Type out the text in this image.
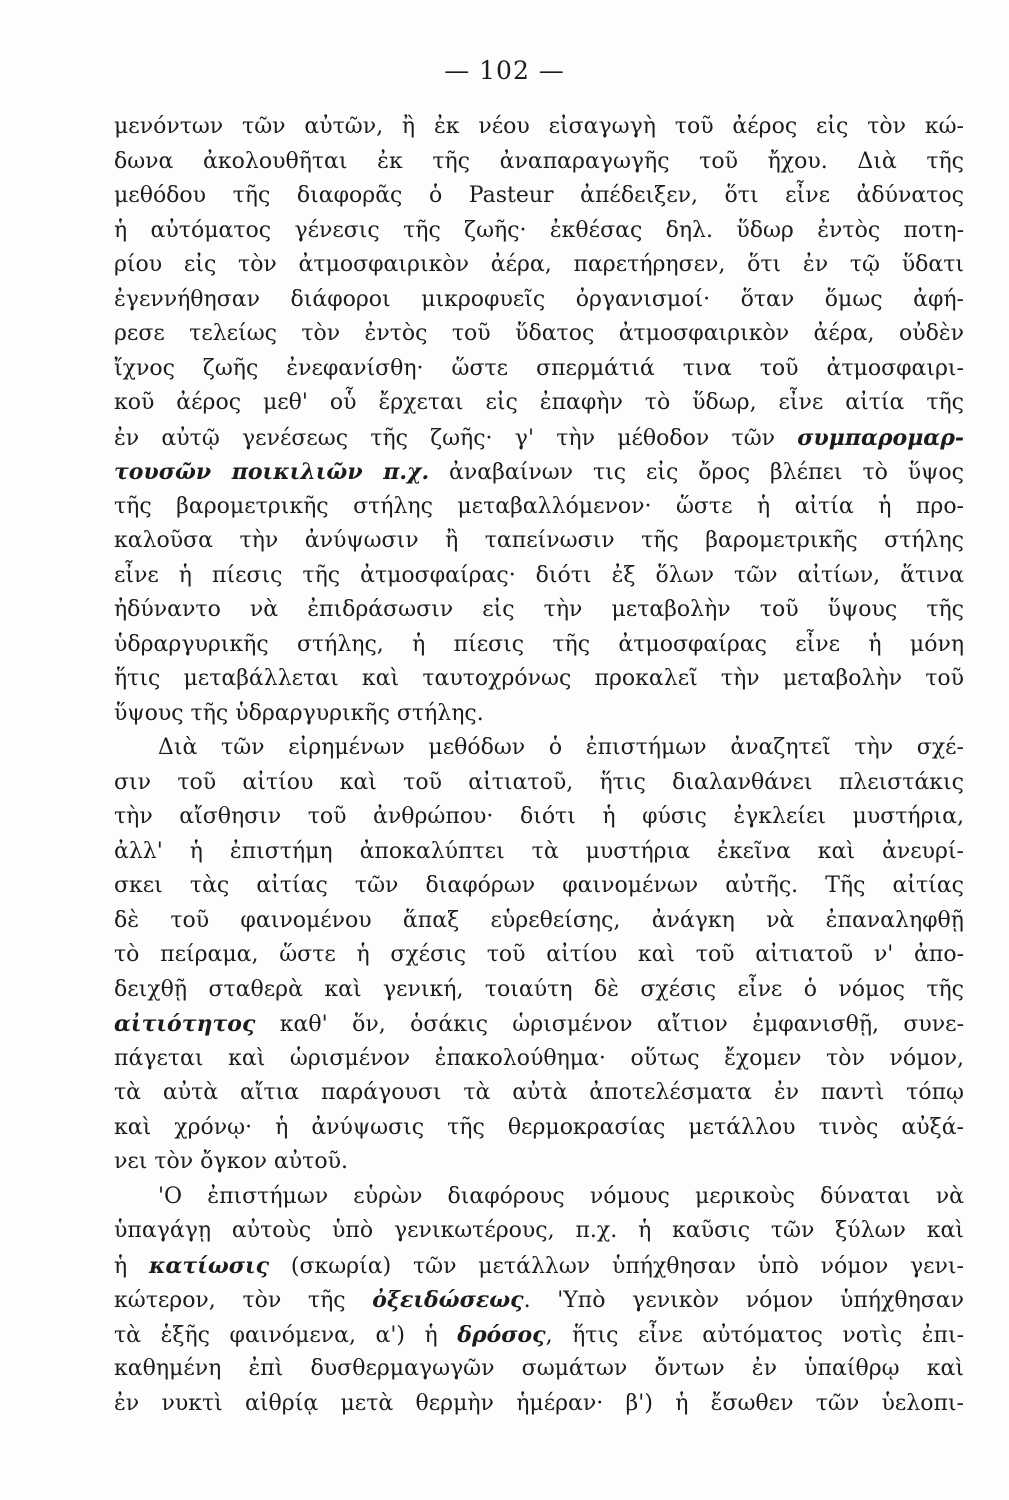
— 102 —
μενόντων τῶν αὐτῶν, ἢ ἐκ νέου εἰσαγωγὴ τοῦ ἀέρος εἰς τὸν κώ-
δωνα ἀκολουθῆται ἐκ τῆς ἀναπαραγωγῆς τοῦ ἤχου. Διὰ τῆς
μεθόδου τῆς διαφορᾶς ὁ Pasteur ἀπέδειξεν, ὅτι εἶνε ἀδύνατος
ἡ αὐτόματος γένεσις τῆς ζωῆς· ἐκθέσας δηλ. ὕδωρ ἐντὸς ποτη-
ρίου εἰς τὸν ἀτμοσφαιρικὸν ἀέρα, παρετήρησεν, ὅτι ἐν τῷ ὕδατι
ἐγεννήθησαν διάφοροι μικροφυεῖς ὀργανισμοί· ὅταν ὅμως ἀφή-
ρεσε τελείως τὸν ἐντὸς τοῦ ὕδατος ἀτμοσφαιρικὸν ἀέρα, οὐδὲν
ἴχνος ζωῆς ἐνεφανίσθη· ὥστε σπερμάτιά τινα τοῦ ἀτμοσφαιρι-
κοῦ ἀέρος μεθ' οὗ ἔρχεται εἰς ἐπαφὴν τὸ ὕδωρ, εἶνε αἰτία τῆς
ἐν αὐτῷ γενέσεως τῆς ζωῆς· γ' τὴν μέθοδον τῶν συμπαρομαρ-
τουσῶν ποικιλιῶν π.χ. ἀναβαίνων τις εἰς ὄρος βλέπει τὸ ὕψος
τῆς βαρομετρικῆς στήλης μεταβαλλόμενον· ὥστε ἡ αἰτία ἡ προ-
καλοῦσα τὴν ἀνύψωσιν ἢ ταπείνωσιν τῆς βαρομετρικῆς στήλης
εἶνε ἡ πίεσις τῆς ἀτμοσφαίρας· διότι ἐξ ὅλων τῶν αἰτίων, ἅτινα
ἠδύναντο νὰ ἐπιδράσωσιν εἰς τὴν μεταβολὴν τοῦ ὕψους τῆς
ὑδραργυρικῆς στήλης, ἡ πίεσις τῆς ἀτμοσφαίρας εἶνε ἡ μόνη
ἥτις μεταβάλλεται καὶ ταυτοχρόνως προκαλεῖ τὴν μεταβολὴν τοῦ
ὕψους τῆς ὑδραργυρικῆς στήλης.
Διὰ τῶν εἰρημένων μεθόδων ὁ ἐπιστήμων ἀναζητεῖ τὴν σχέ-
σιν τοῦ αἰτίου καὶ τοῦ αἰτιατοῦ, ἥτις διαλανθάνει πλειστάκις
τὴν αἴσθησιν τοῦ ἀνθρώπου· διότι ἡ φύσις ἐγκλείει μυστήρια,
ἀλλ' ἡ ἐπιστήμη ἀποκαλύπτει τὰ μυστήρια ἐκεῖνα καὶ ἀνευρί-
σκει τὰς αἰτίας τῶν διαφόρων φαινομένων αὐτῆς. Τῆς αἰτίας
δὲ τοῦ φαινομένου ἅπαξ εὑρεθείσης, ἀνάγκη νὰ ἐπαναληφθῇ
τὸ πείραμα, ὥστε ἡ σχέσις τοῦ αἰτίου καὶ τοῦ αἰτιατοῦ ν' ἀπο-
δειχθῇ σταθερὰ καὶ γενική, τοιαύτη δὲ σχέσις εἶνε ὁ νόμος τῆς
αἰτιότητος καθ' ὅν, ὁσάκις ὡρισμένον αἴτιον ἐμφανισθῇ, συνε-
πάγεται καὶ ὡρισμένον ἐπακολούθημα· οὕτως ἔχομεν τὸν νόμον,
τὰ αὐτὰ αἴτια παράγουσι τὰ αὐτὰ ἀποτελέσματα ἐν παντὶ τόπῳ
καὶ χρόνῳ· ἡ ἀνύψωσις τῆς θερμοκρασίας μετάλλου τινὸς αὐξά-
νει τὸν ὄγκον αὐτοῦ.
'Ο ἐπιστήμων εὑρὼν διαφόρους νόμους μερικοὺς δύναται νὰ
ὑπαγάγῃ αὐτοὺς ὑπὸ γενικωτέρους, π.χ. ἡ καῦσις τῶν ξύλων καὶ
ἡ κατίωσις (σκωρία) τῶν μετάλλων ὑπήχθησαν ὑπὸ νόμον γενι-
κώτερον, τὸν τῆς ὀξειδώσεως. 'Υπὸ γενικὸν νόμον ὑπήχθησαν
τὰ ἑξῆς φαινόμενα, α') ἡ δρόσος, ἥτις εἶνε αὐτόματος νοτὶς ἐπι-
καθημένη ἐπὶ δυσθερμαγωγῶν σωμάτων ὄντων ἐν ὑπαίθρῳ καὶ
ἐν νυκτὶ αἰθρίᾳ μετὰ θερμὴν ἡμέραν· β') ἡ ἔσωθεν τῶν ὑελοπι-
